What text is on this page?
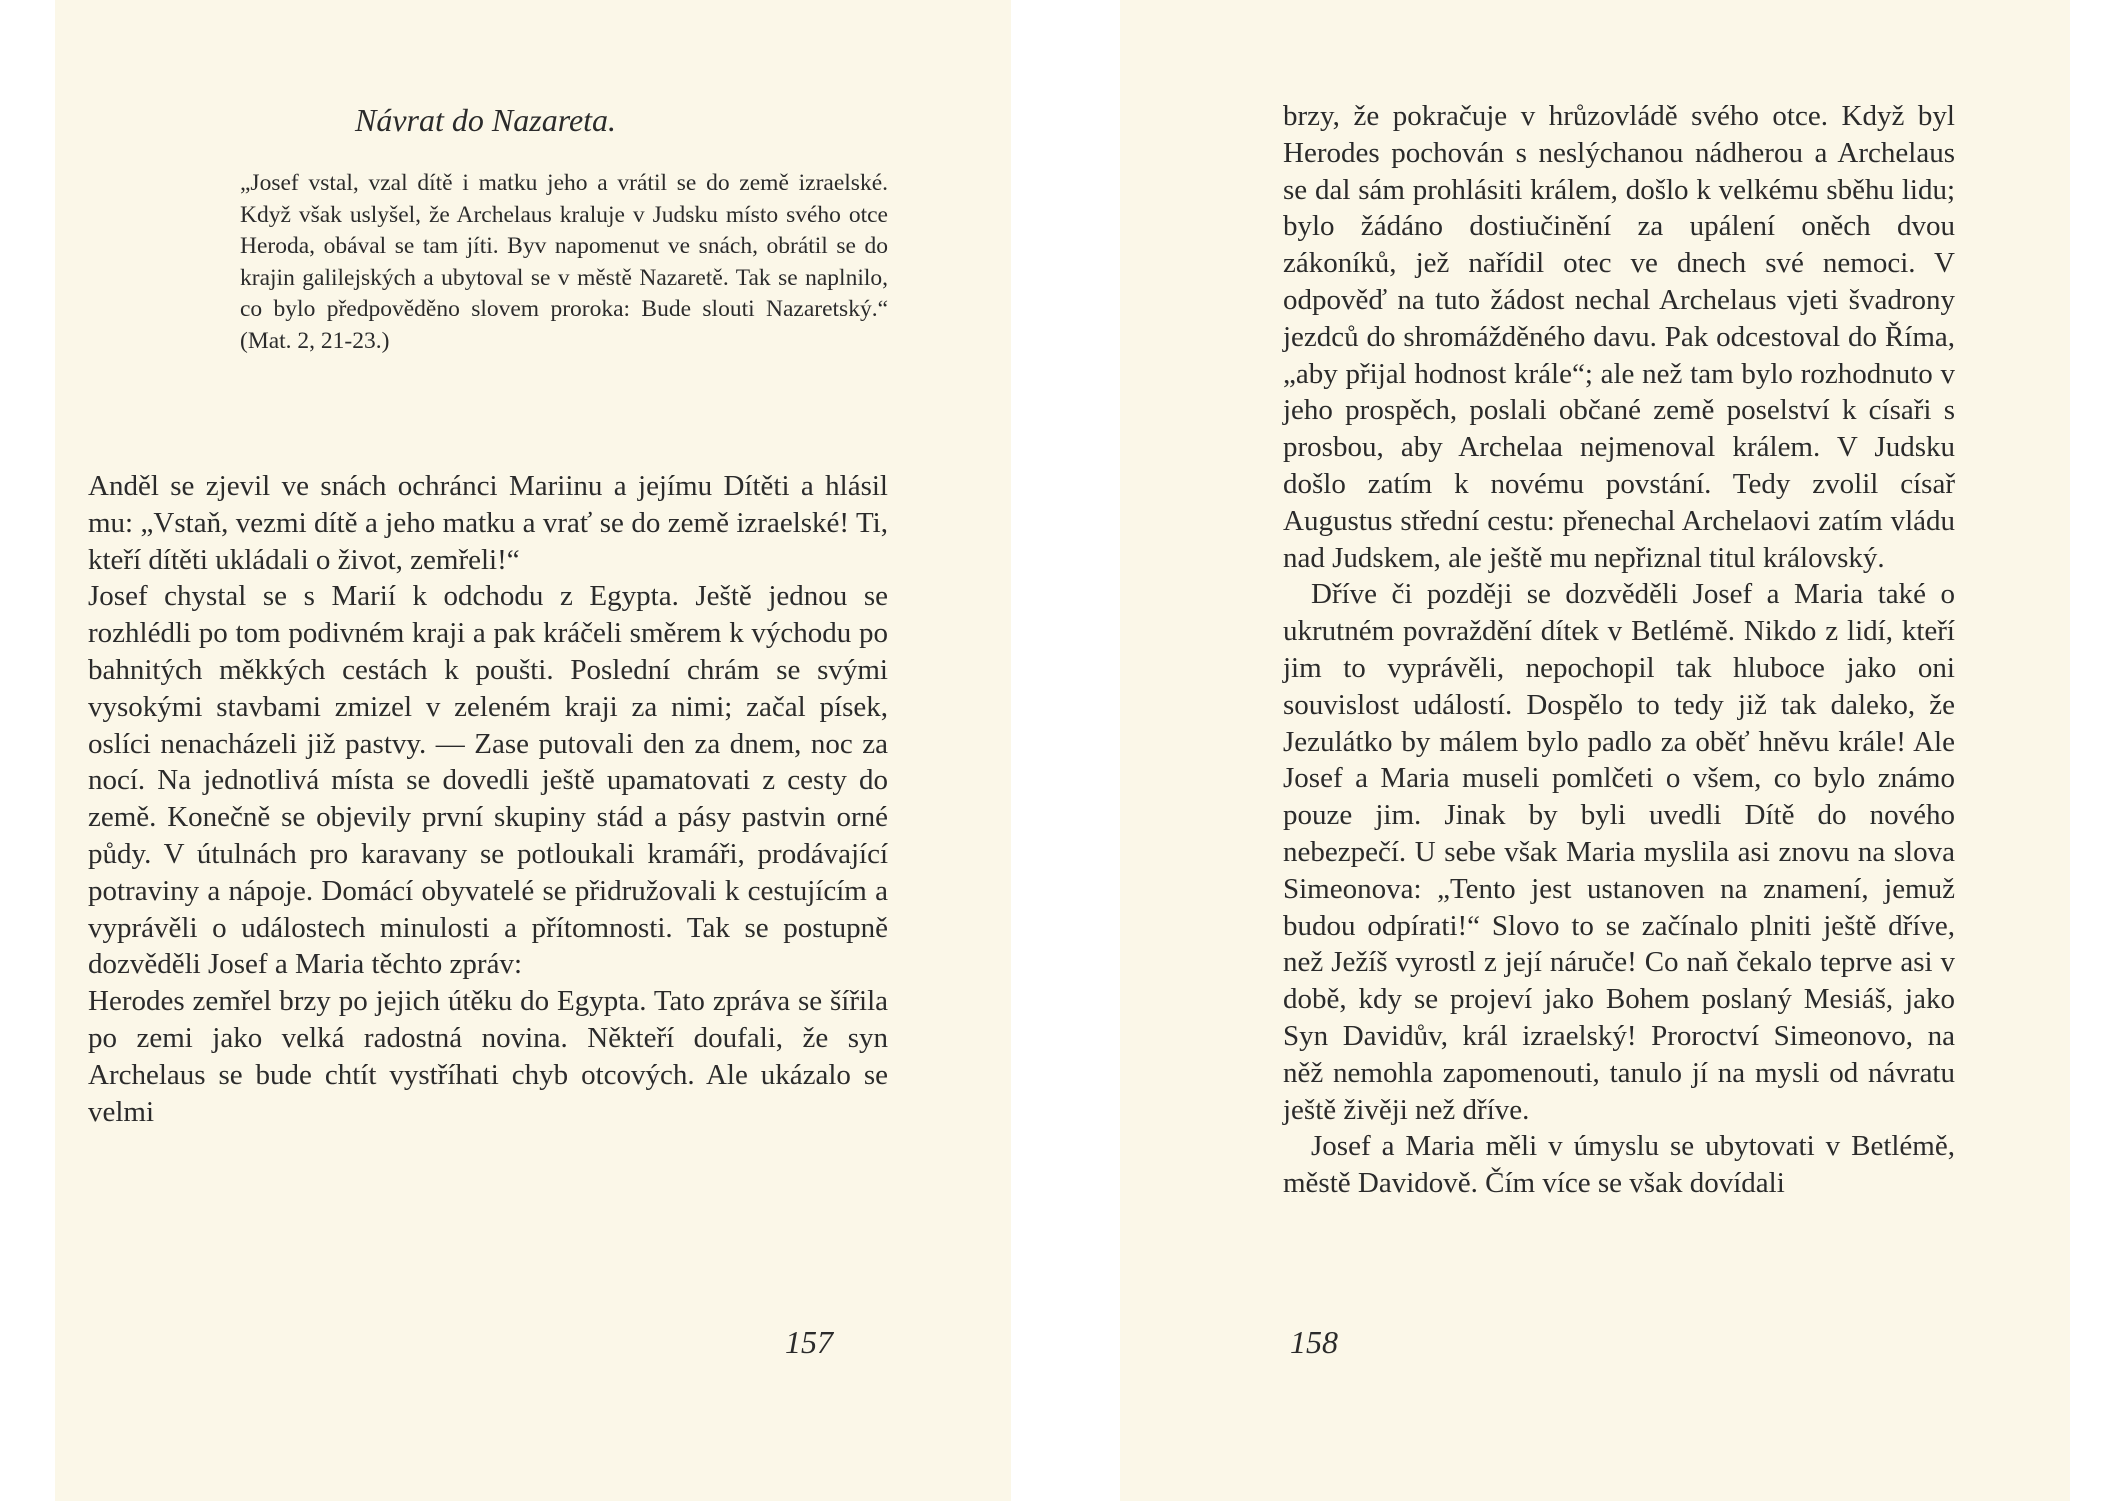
Návrat do Nazareta.
„Josef vstal, vzal dítě i matku jeho a vrátil se do země izraelské. Když však uslyšel, že Archelaus kraluje v Judsku místo svého otce Heroda, obával se tam jíti. Byv napomenut ve snách, obrátil se do krajin galilejských a ubytoval se v městě Nazaretě. Tak se naplnilo, co bylo předpověděno slovem proroka: Bude slouti Nazaretský.“ (Mat. 2, 21-23.)

Anděl se zjevil ve snách ochránci Mariinu a jejímu Dítěti a hlásil mu: „Vstaň, vezmi dítě a jeho matku a vrať se do země izraelské! Ti, kteří dítěti ukládali o život, zemřeli!“

Josef chystal se s Marií k odchodu z Egypta. Ještě jednou se rozhlédli po tom podivném kraji a pak kráčeli směrem k východu po bahnitých měkkých cestách k poušti. Poslední chrám se svými vysokými stavbami zmizel v zeleném kraji za nimi; začal písek, oslíci nenacházeli již pastvy. — Zase putovali den za dnem, noc za nocí. Na jednotlivá místa se dovedli ještě upamatovati z cesty do země. Konečně se objevily první skupiny stád a pásy pastvin orné půdy. V útulnách pro karavany se potloukali kramáři, prodávající potraviny a nápoje. Domácí obyvatelé se přidružovali k cestujícím a vyprávěli o událostech minulosti a přítomnosti. Tak se postupně dozvěděli Josef a Maria těchto zpráv:

Herodes zemřel brzy po jejich útěku do Egypta. Tato zpráva se šířila po zemi jako velká radostná novina. Někteří doufali, že syn Archelaus se bude chtít vystříhati chyb otcových. Ale ukázalo se velmi

157

brzy, že pokračuje v hrůzovládě svého otce. Když byl Herodes pochován s neslýchanou nádherou a Archelaus se dal sám prohlásiti králem, došlo k velkému sběhu lidu; bylo žádáno dostiučinění za upálení oněch dvou zákoníků, jež nařídil otec ve dnech své nemoci. V odpověď na tuto žádost nechal Archelaus vjeti švadrony jezdců do shromážděného davu. Pak odcestoval do Říma, „aby přijal hodnost krále“; ale než tam bylo rozhodnuto v jeho prospěch, poslali občané země poselství k císaři s prosbou, aby Archelaa nejmenoval králem. V Judsku došlo zatím k novému povstání. Tedy zvolil císař Augustus střední cestu: přenechal Archelaovi zatím vládu nad Judskem, ale ještě mu nepřiznal titul královský.

Dříve či později se dozvěděli Josef a Maria také o ukrutném povraždění dítek v Betlémě. Nikdo z lidí, kteří jim to vyprávěli, nepochopil tak hluboce jako oni souvislost událostí. Dospělo to tedy již tak daleko, že Jezulátko by málem bylo padlo za oběť hněvu krále! Ale Josef a Maria museli pomlčeti o všem, co bylo známo pouze jim. Jinak by byli uvedli Dítě do nového nebezpečí. U sebe však Maria myslila asi znovu na slova Simeonova: „Tento jest ustanoven na znamení, jemuž budou odpírati!“ Slovo to se začínalo plniti ještě dříve, než Ježíš vyrostl z její náruče! Co naň čekalo teprve asi v době, kdy se projeví jako Bohem poslaný Mesiáš, jako Syn Davidův, král izraelský! Proroctví Simeonovo, na něž nemohla zapomenouti, tanulo jí na mysli od návratu ještě živěji než dříve.

Josef a Maria měli v úmyslu se ubytovati v Betlémě, městě Davidově. Čím více se však dovídali

158
